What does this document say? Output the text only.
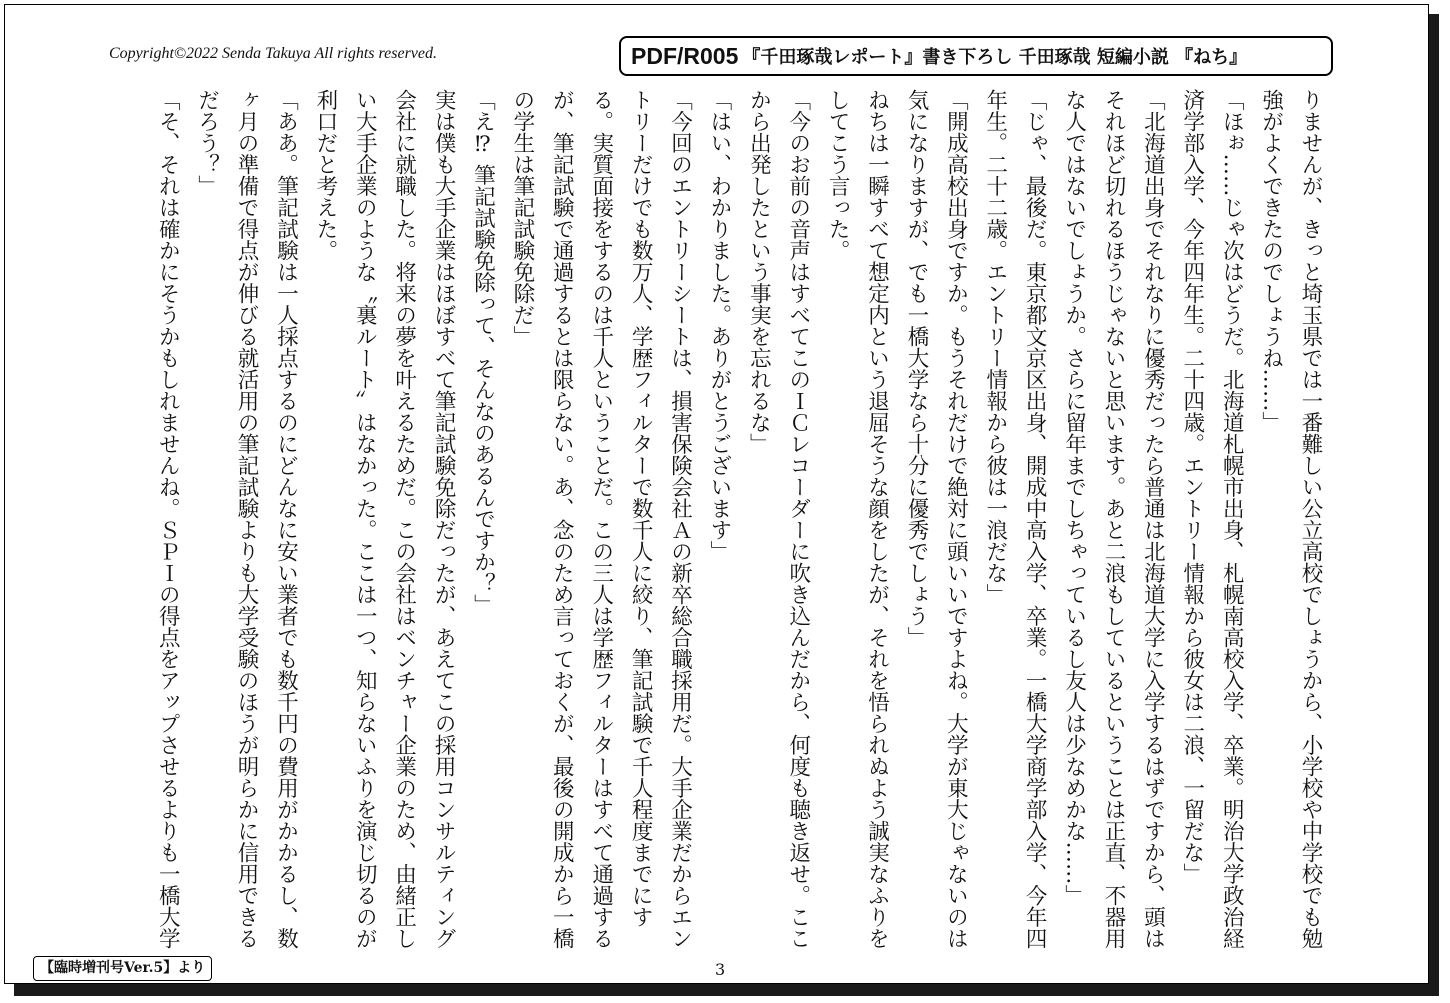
Copyright©2022 Senda Takuya All rights reserved.	PDF/R005 『千田琢哉レポート』書き下ろし 千田琢哉 短編小説 『ねち』

りませんが、きっと埼玉県では一番難しい公立高校でしょうから、小学校や中学校でも勉強がよくできたのでしょうね……」

「ほぉ……じゃ次はどうだ。北海道札幌市出身、札幌南高校入学、卒業。明治大学政治経済学部入学、今年四年生。二十四歳。エントリー情報から彼女は二浪、一留だな」

「北海道出身でそれなりに優秀だったら普通は北海道大学に入学するはずですから、頭はそれほど切れるほうじゃないと思います。あと二浪もしているということは正直、不器用な人ではないでしょうか。さらに留年までしちゃっているし友人は少なめかな……」

「じゃ、最後だ。東京都文京区出身、開成中高入学、卒業。一橋大学商学部入学、今年四年生。二十二歳。エントリー情報から彼は一浪だな」

「開成高校出身ですか。もうそれだけで絶対に頭いいですよね。大学が東大じゃないのは気になりますが、でも一橋大学なら十分に優秀でしょう」

ねちは一瞬すべて想定内という退屈そうな顔をしたが、それを悟られぬよう誠実なふりをしてこう言った。

「今のお前の音声はすべてこのＩＣレコーダーに吹き込んだから、何度も聴き返せ。ここから出発したという事実を忘れるな」

「はい、わかりました。ありがとうございます」

「今回のエントリーシートは、損害保険会社Ａの新卒総合職採用だ。大手企業だからエントリーだけでも数万人、学歴フィルターで数千人に絞り、筆記試験で千人程度までにする。実質面接をするのは千人ということだ。この三人は学歴フィルターはすべて通過するが、筆記試験で通過するとは限らない。あ、念のため言っておくが、最後の開成から一橋の学生は筆記試験免除だ」

「え⁉ 筆記試験免除って、そんなのあるんですか？」

実は僕も大手企業はほぼすべて筆記試験免除だったが、あえてこの採用コンサルティング会社に就職した。将来の夢を叶えるためだ。この会社はベンチャー企業のため、由緒正しい大手企業のような〝裏ルート〟はなかった。ここは一つ、知らないふりを演じ切るのが利口だと考えた。

「ああ。筆記試験は一人採点するのにどんなに安い業者でも数千円の費用がかかるし、数ヶ月の準備で得点が伸びる就活用の筆記試験よりも大学受験のほうが明らかに信用できるだろう？」

「そ、それは確かにそうかもしれませんね。ＳＰＩの得点をアップさせるよりも一橋大学

【臨時増刊号Ver.5】より	3
